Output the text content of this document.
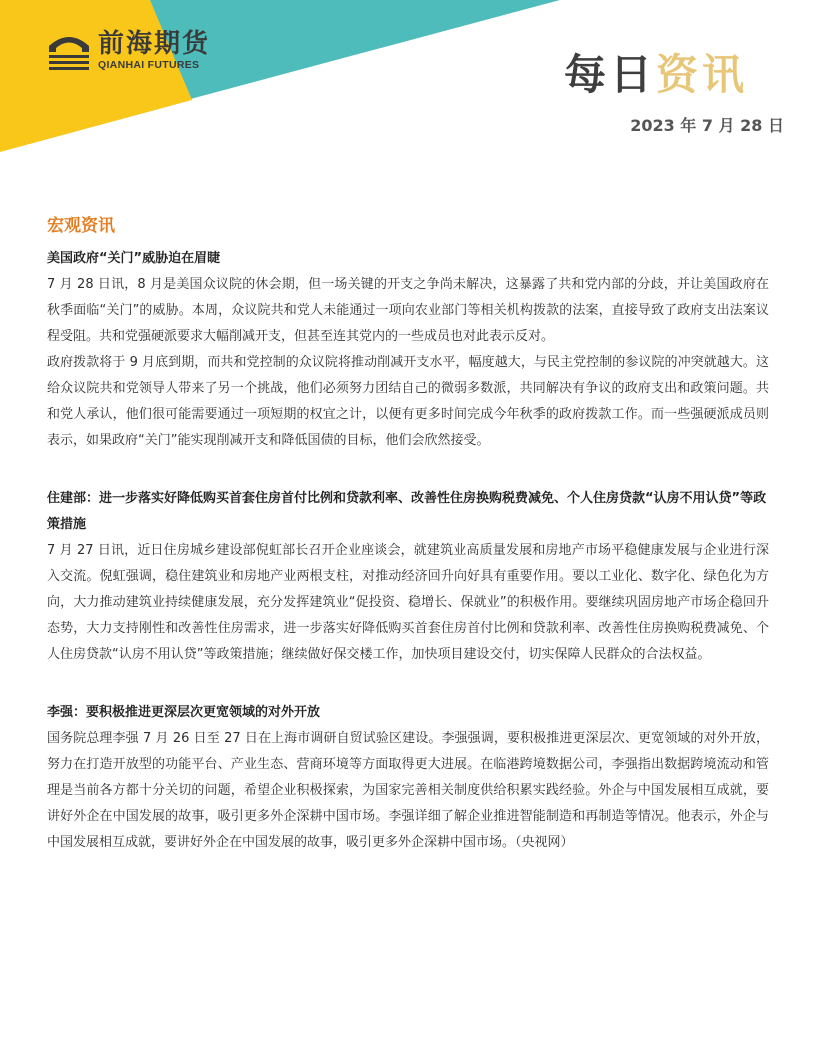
前海期货
QIANHAI FUTURES	每日资讯
2023 年 7 月 28 日
宏观资讯
美国政府“关门”威胁迫在眉睫

7 月 28 日讯，8 月是美国众议院的休会期，但一场关键的开支之争尚未解决，这暴露了共和党内部的分歧，并让美国政府在秋季面临“关门”的威胁。本周，众议院共和党人未能通过一项向农业部门等相关机构拨款的法案，直接导致了政府支出法案议程受阻。共和党强硬派要求大幅削减开支，但甚至连其党内的一些成员也对此表示反对。

政府拨款将于 9 月底到期，而共和党控制的众议院将推动削减开支水平，幅度越大，与民主党控制的参议院的冲突就越大。这给众议院共和党领导人带来了另一个挑战，他们必须努力团结自己的微弱多数派，共同解决有争议的政府支出和政策问题。共和党人承认，他们很可能需要通过一项短期的权宜之计，以便有更多时间完成今年秋季的政府拨款工作。而一些强硬派成员则表示，如果政府“关门”能实现削减开支和降低国债的目标，他们会欣然接受。

住建部：进一步落实好降低购买首套住房首付比例和贷款利率、改善性住房换购税费减免、个人住房贷款“认房不用认贷”等政策措施

7 月 27 日讯，近日住房城乡建设部倪虹部长召开企业座谈会，就建筑业高质量发展和房地产市场平稳健康发展与企业进行深入交流。倪虹强调，稳住建筑业和房地产业两根支柱，对推动经济回升向好具有重要作用。要以工业化、数字化、绿色化为方向，大力推动建筑业持续健康发展，充分发挥建筑业“促投资、稳增长、保就业”的积极作用。要继续巩固房地产市场企稳回升态势，大力支持刚性和改善性住房需求，进一步落实好降低购买首套住房首付比例和贷款利率、改善性住房换购税费减免、个人住房贷款“认房不用认贷”等政策措施；继续做好保交楼工作，加快项目建设交付，切实保障人民群众的合法权益。

李强：要积极推进更深层次更宽领域的对外开放

国务院总理李强 7 月 26 日至 27 日在上海市调研自贸试验区建设。李强强调，要积极推进更深层次、更宽领域的对外开放，努力在打造开放型的功能平台、产业生态、营商环境等方面取得更大进展。在临港跨境数据公司，李强指出数据跨境流动和管理是当前各方都十分关切的问题，希望企业积极探索，为国家完善相关制度供给积累实践经验。外企与中国发展相互成就，要讲好外企在中国发展的故事，吸引更多外企深耕中国市场。李强详细了解企业推进智能制造和再制造等情况。他表示，外企与中国发展相互成就，要讲好外企在中国发展的故事，吸引更多外企深耕中国市场。（央视网）
